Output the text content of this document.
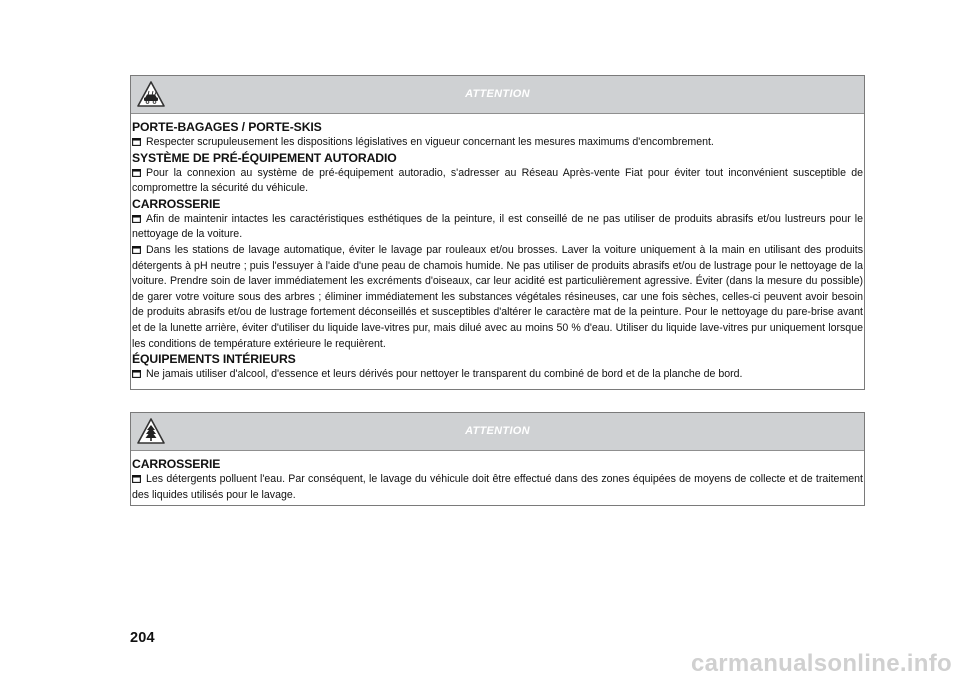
ATTENTION

PORTE-BAGAGES / PORTE-SKIS

Respecter scrupuleusement les dispositions législatives en vigueur concernant les mesures maximums d'encombrement.

SYSTÈME DE PRÉ-ÉQUIPEMENT AUTORADIO

Pour la connexion au système de pré-équipement autoradio, s'adresser au Réseau Après-vente Fiat pour éviter tout inconvénient susceptible de compromettre la sécurité du véhicule.

CARROSSERIE

Afin de maintenir intactes les caractéristiques esthétiques de la peinture, il est conseillé de ne pas utiliser de produits abrasifs et/ou lustreurs pour le nettoyage de la voiture.

Dans les stations de lavage automatique, éviter le lavage par rouleaux et/ou brosses. Laver la voiture uniquement à la main en utilisant des produits détergents à pH neutre ; puis l'essuyer à l'aide d'une peau de chamois humide. Ne pas utiliser de produits abrasifs et/ou de lustrage pour le nettoyage de la voiture. Prendre soin de laver immédiatement les excréments d'oiseaux, car leur acidité est particulièrement agressive. Éviter (dans la mesure du possible) de garer votre voiture sous des arbres ; éliminer immédiatement les substances végétales résineuses, car une fois sèches, celles-ci peuvent avoir besoin de produits abrasifs et/ou de lustrage fortement déconseillés et susceptibles d'altérer le caractère mat de la peinture. Pour le nettoyage du pare-brise avant et de la lunette arrière, éviter d'utiliser du liquide lave-vitres pur, mais dilué avec au moins 50 % d'eau. Utiliser du liquide lave-vitres pur uniquement lorsque les conditions de température extérieure le requièrent.

ÉQUIPEMENTS INTÉRIEURS

Ne jamais utiliser d'alcool, d'essence et leurs dérivés pour nettoyer le transparent du combiné de bord et de la planche de bord.

ATTENTION

CARROSSERIE

Les détergents polluent l'eau. Par conséquent, le lavage du véhicule doit être effectué dans des zones équipées de moyens de collecte et de traitement des liquides utilisés pour le lavage.

204
carmanualsonline.info
